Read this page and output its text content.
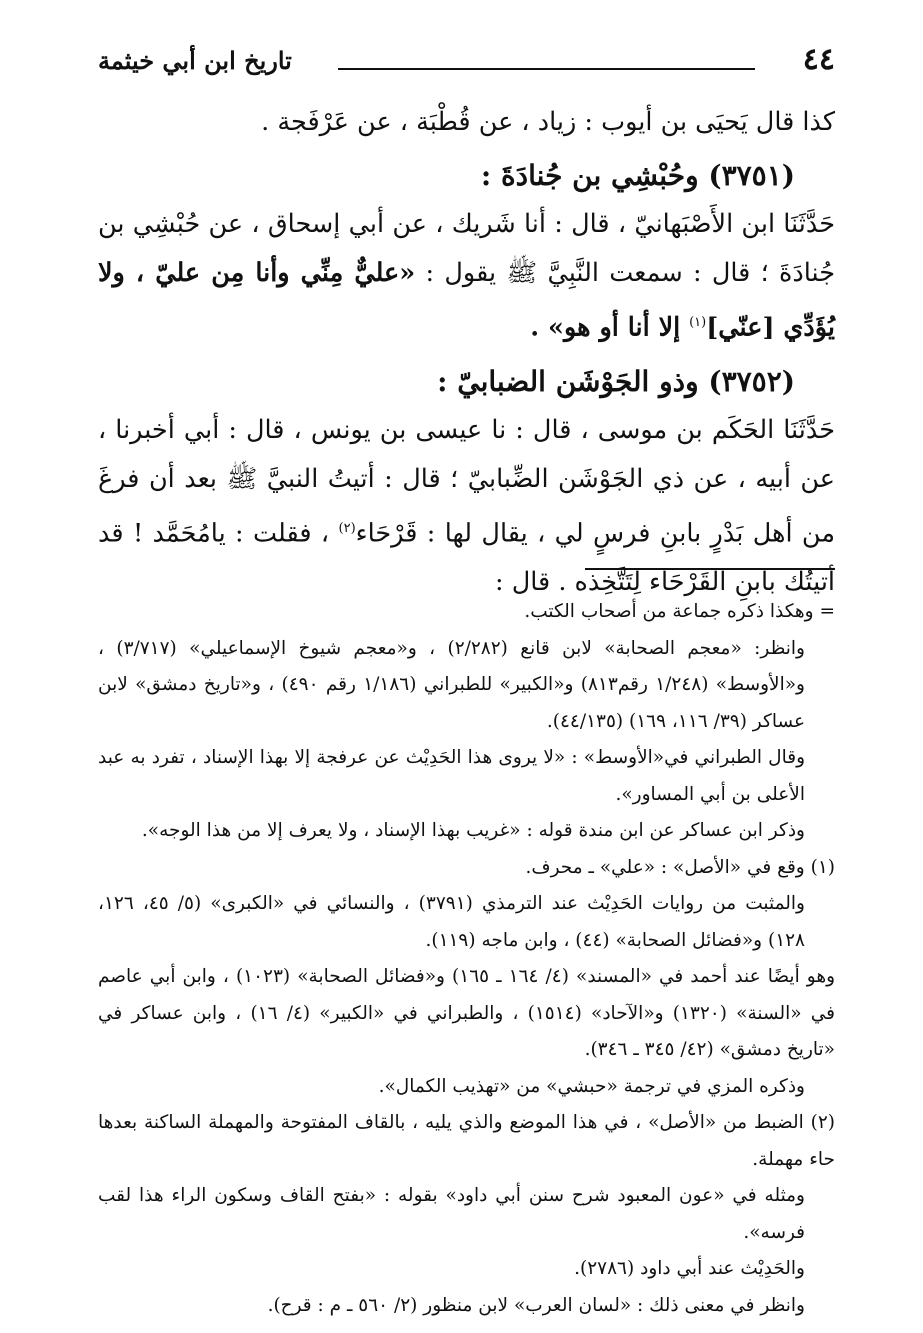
٤٤
تاريخ ابن أبي خيثمة

كذا قال يَحيَى بن أيوب : زياد ، عن قُطْبَة ، عن عَرْفَجة .

(٣٧٥١) وحُبْشِي بن جُنادَةَ :

حَدَّثَنَا ابن الأَصْبَهانيّ ، قال : أنا شَريك ، عن أبي إسحاق ، عن حُبْشِي بن جُنادَةَ ؛ قال : سمعت النَّبِيَّ ﷺ يقول : «عليٌّ مِنِّي وأنا مِن عليّ ، ولا يُؤَدِّي [عنّي]$^{(١)}$ إلا أنا أو هو» .

(٣٧٥٢) وذو الجَوْشَن الضبابيّ :

حَدَّثَنَا الحَكَم بن موسى ، قال : نا عيسى بن يونس ، قال : أبي أخبرنا ، عن أبيه ، عن ذي الجَوْشَن الضِّبابيّ ؛ قال : أتيتُ النبيَّ ﷺ بعد أن فرغَ من أهل بَدْرٍ بابنِ فرسٍ لي ، يقال لها : قَرْحَاء$^{(٢)}$ ، فقلت : يامُحَمَّد ! قد أتيتُك بابنِ القَرْحَاء لِتَتَّخِذه . قال :

= وهكذا ذكره جماعة من أصحاب الكتب.

وانظر: «معجم الصحابة» لابن قانع (٢/٢٨٢) ، و«معجم شيوخ الإسماعيلي» (٣/٧١٧) ، و«الأوسط» (١/٢٤٨ رقم٨١٣) و«الكبير» للطبراني (١/١٨٦ رقم ٤٩٠) ، و«تاريخ دمشق» لابن عساكر (٣٩/ ١١٦، ١٦٩) (٤٤/١٣٥).

وقال الطبراني في«الأوسط» : «لا يروى هذا الحَدِيْث عن عرفجة إلا بهذا الإسناد ، تفرد به عبد الأعلى بن أبي المساور».

وذكر ابن عساكر عن ابن مندة قوله : «غريب بهذا الإسناد ، ولا يعرف إلا من هذا الوجه».

(١) وقع في «الأصل» : «علي» ـ محرف.

والمثبت من روايات الحَدِيْث عند الترمذي (٣٧٩١) ، والنسائي في «الكبرى» (٥/ ٤٥، ١٢٦، ١٢٨) و«فضائل الصحابة» (٤٤) ، وابن ماجه (١١٩).

وهو أيضًا عند أحمد في «المسند» (٤/ ١٦٤ ـ ١٦٥) و«فضائل الصحابة» (١٠٢٣) ، وابن أبي عاصم في «السنة» (١٣٢٠) و«الآحاد» (١٥١٤) ، والطبراني في «الكبير» (٤/ ١٦) ، وابن عساكر في «تاريخ دمشق» (٤٢/ ٣٤٥ ـ ٣٤٦).

وذكره المزي في ترجمة «حبشي» من «تهذيب الكمال».

(٢) الضبط من «الأصل» ، في هذا الموضع والذي يليه ، بالقاف المفتوحة والمهملة الساكنة بعدها حاء مهملة.

ومثله في «عون المعبود شرح سنن أبي داود» بقوله : «بفتح القاف وسكون الراء هذا لقب فرسه».

والحَدِيْث عند أبي داود (٢٧٨٦).

وانظر في معنى ذلك : «لسان العرب» لابن منظور (٢/ ٥٦٠ ـ م : قرح).
